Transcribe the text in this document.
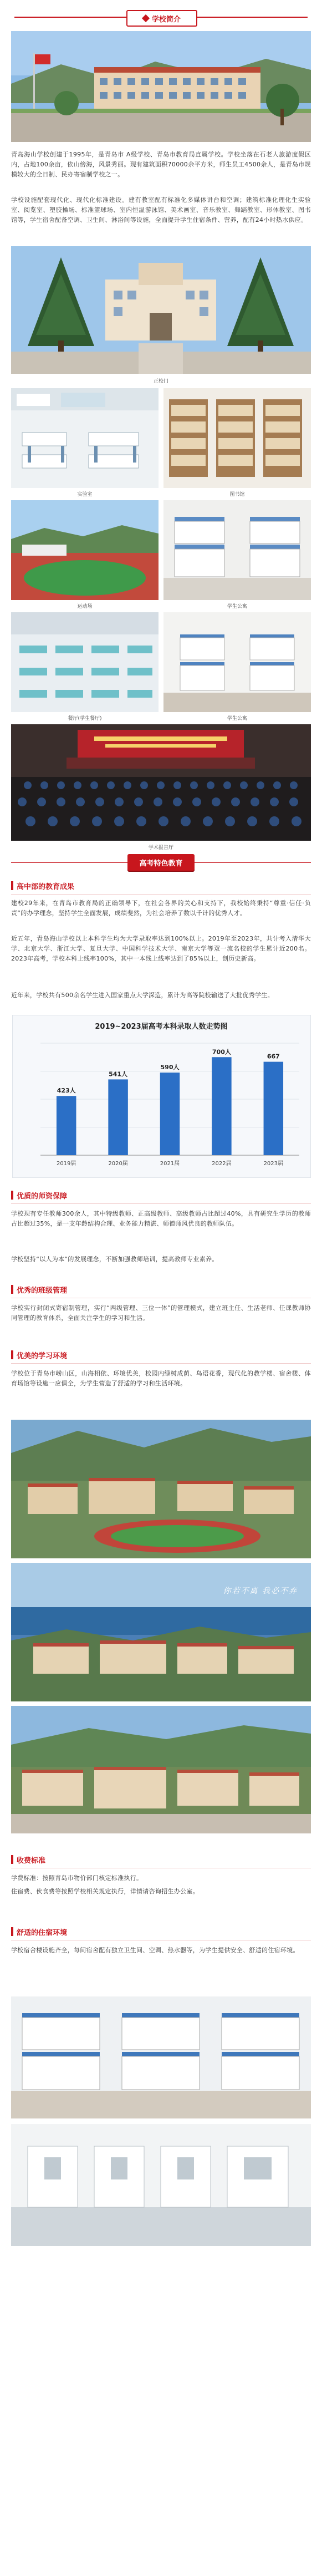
学校简介
青岛海山学校创建于1995年，是青岛市 A级学校、青岛市教育局直属学校。学校坐落在石老人旅游度假区内，占地100余亩，依山傍海，风景秀丽。现有建筑面积70000余平方米，师生员工4500余人，是青岛市规模较大的全日制、民办寄宿制学校之一。
学校设施配套现代化、现代化标准建设。建有教室配有标准化多媒体讲台和空调；建筑标准化理化生实验室、阅览室、塑胶操场、标准篮球场、室内恒温游泳馆、美术画室、音乐教室、舞蹈教室、形体教室、图书馆等，学生宿舍配备空调、卫生间、淋浴间等设施，全面提升学生住宿条件、营养，配有24小时热水供应。
正校门
实验室	图书馆
运动场	学生公寓
餐厅(学生餐厅)	学生公寓
学术报告厅
高考特色教育
高中部的教育成果
建校29年来，在青岛市教育局的正确领导下，在社会各界的关心和支持下，我校始终秉持“尊重·信任·负责”的办学理念，坚持学生全面发展，成绩斐然，为社会培养了数以千计的优秀人才。
近五年，青岛海山学校以上本科学生均为大学录取率达到100%以上。2019年至2023年，共计考入清华大学、北京大学、浙江大学、复旦大学、中国科学技术大学、南京大学等双一流名校的学生累计近200名。2023年高考，学校本科上线率100%，其中一本线上线率达到了85%以上，创历史新高。
近年来，学校共有500余名学生进入国家重点大学深造，累计为高等院校输送了大批优秀学生。
2019~2023届高考本科录取人数走势图
423人
2019届
541人
2020届
590人
2021届
700人
2022届
667
2023届
优质的师资保障
学校现有专任教师300余人，其中特级教师、正高级教师、高级教师占比超过40%，具有研究生学历的教师占比超过35%，是一支年龄结构合理、业务能力精湛、师德师风优良的教师队伍。
学校坚持“以人为本”的发展理念，不断加强教师培训，提高教师专业素养。
优秀的班级管理
学校实行封闭式寄宿制管理，实行“两级管理、三位一体”的管理模式，建立班主任、生活老师、任课教师协同管理的教育体系，全面关注学生的学习和生活。
优美的学习环境
学校位于青岛市崂山区，山海相依、环境优美，校园内绿树成荫、鸟语花香，现代化的教学楼、宿舍楼、体育场馆等设施一应俱全，为学生营造了舒适的学习和生活环境。
你若不离 我必不弃
收费标准
学费标准：按照青岛市物价部门核定标准执行。
住宿费、伙食费等按照学校相关规定执行，详情请咨询招生办公室。
舒适的住宿环境
学校宿舍楼设施齐全，每间宿舍配有独立卫生间、空调、热水器等，为学生提供安全、舒适的住宿环境。
